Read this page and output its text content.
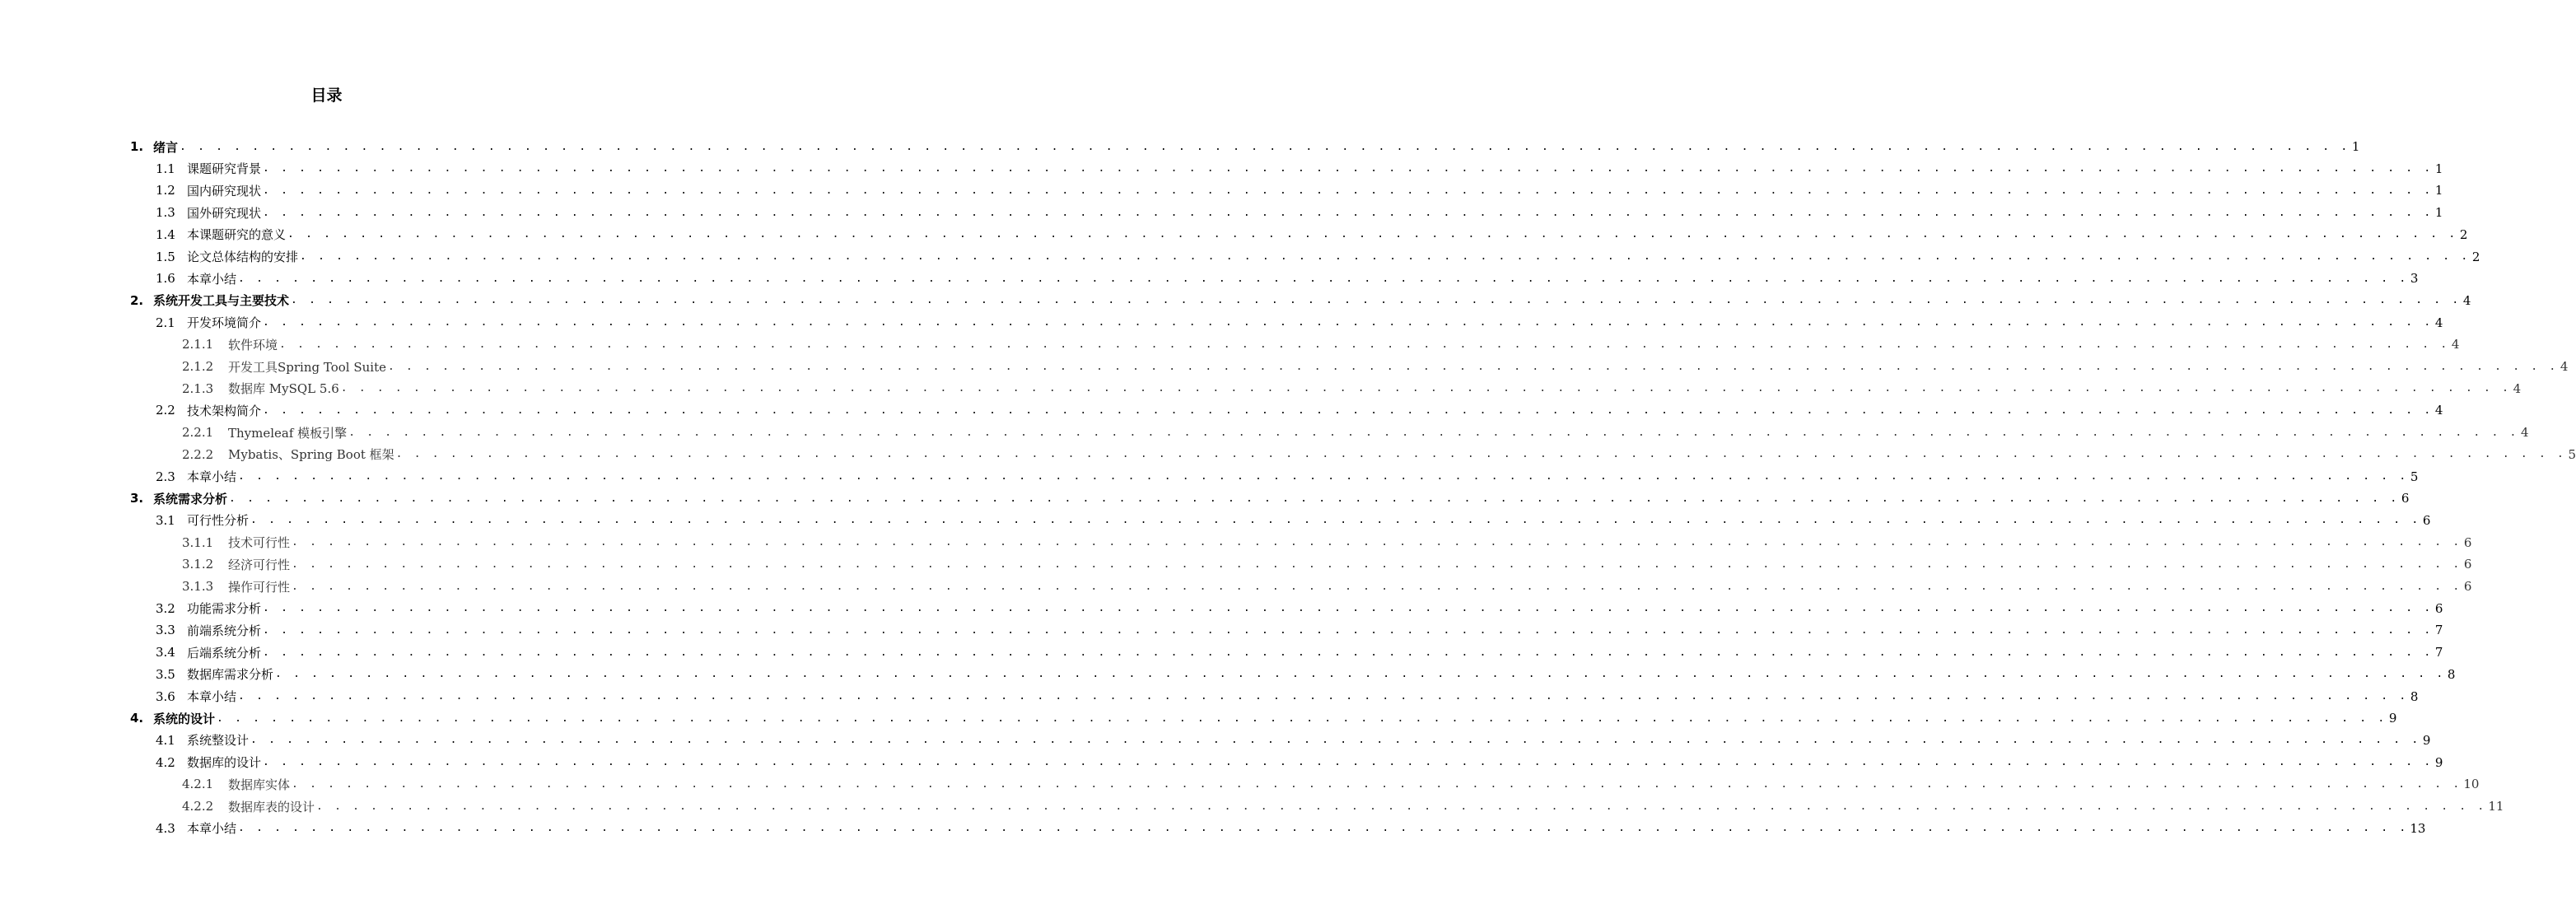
目录
1. 绪言 . . . . . . . . . . . . . . . . . . . . . . . . . . . . . . . . . . . . . . . . . . . . . . . . . . . . . . . . . . . . . . . . . . . . . . . . . . . . . . . . . . . . . . . . . . . . . . . . . . . . . . . . . . . . . . . . . . . . . . . . 1
1.1 课题研究背景 . . . . . . . . . . . . . . . . . . . . . . . . . . . . . . . . . . . . . . . . . . . . . . . . . . . . . . . . . . . . . . . . . . . . . . . . . . . . . . . . . . . . . . . . . . . . . . . . . . . . . . . . . . . . . . . . . . . . . . . . 1
1.2 国内研究现状 . . . . . . . . . . . . . . . . . . . . . . . . . . . . . . . . . . . . . . . . . . . . . . . . . . . . . . . . . . . . . . . . . . . . . . . . . . . . . . . . . . . . . . . . . . . . . . . . . . . . . . . . . . . . . . . . . . . . . . . . 1
1.3 国外研究现状 . . . . . . . . . . . . . . . . . . . . . . . . . . . . . . . . . . . . . . . . . . . . . . . . . . . . . . . . . . . . . . . . . . . . . . . . . . . . . . . . . . . . . . . . . . . . . . . . . . . . . . . . . . . . . . . . . . . . . . . . 1
1.4 本课题研究的意义 . . . . . . . . . . . . . . . . . . . . . . . . . . . . . . . . . . . . . . . . . . . . . . . . . . . . . . . . . . . . . . . . . . . . . . . . . . . . . . . . . . . . . . . . . . . . . . . . . . . . . . . . . . . . . . . . . . . . . . . . 2
1.5 论文总体结构的安排 . . . . . . . . . . . . . . . . . . . . . . . . . . . . . . . . . . . . . . . . . . . . . . . . . . . . . . . . . . . . . . . . . . . . . . . . . . . . . . . . . . . . . . . . . . . . . . . . . . . . . . . . . . . . . . . . . . . . . . . . 2
1.6 本章小结 . . . . . . . . . . . . . . . . . . . . . . . . . . . . . . . . . . . . . . . . . . . . . . . . . . . . . . . . . . . . . . . . . . . . . . . . . . . . . . . . . . . . . . . . . . . . . . . . . . . . . . . . . . . . . . . . . . . . . . . . 3
2. 系统开发工具与主要技术 . . . . . . . . . . . . . . . . . . . . . . . . . . . . . . . . . . . . . . . . . . . . . . . . . . . . . . . . . . . . . . . . . . . . . . . . . . . . . . . . . . . . . . . . . . . . . . . . . . . . . . . . . . . . . . . . . . . . . . . . 4
2.1 开发环境简介 . . . . . . . . . . . . . . . . . . . . . . . . . . . . . . . . . . . . . . . . . . . . . . . . . . . . . . . . . . . . . . . . . . . . . . . . . . . . . . . . . . . . . . . . . . . . . . . . . . . . . . . . . . . . . . . . . . . . . . . . 4
2.1.1	软件环境 . . . . . . . . . . . . . . . . . . . . . . . . . . . . . . . . . . . . . . . . . . . . . . . . . . . . . . . . . . . . . . . . . . . . . . . . . . . . . . . . . . . . . . . . . . . . . . . . . . . . . . . . . . . . . . . . . . . . . . . . 4
2.1.2	开发工具Spring Tool Suite . . . . . . . . . . . . . . . . . . . . . . . . . . . . . . . . . . . . . . . . . . . . . . . . . . . . . . . . . . . . . . . . . . . . . . . . . . . . . . . . . . . . . . . . . . . . . . . . . . . . . . . . . . . . . . . . . . . . . . . . 4
2.1.3	数据库 MySQL 5.6 . . . . . . . . . . . . . . . . . . . . . . . . . . . . . . . . . . . . . . . . . . . . . . . . . . . . . . . . . . . . . . . . . . . . . . . . . . . . . . . . . . . . . . . . . . . . . . . . . . . . . . . . . . . . . . . . . . . . . . . . 4
2.2 技术架构简介 . . . . . . . . . . . . . . . . . . . . . . . . . . . . . . . . . . . . . . . . . . . . . . . . . . . . . . . . . . . . . . . . . . . . . . . . . . . . . . . . . . . . . . . . . . . . . . . . . . . . . . . . . . . . . . . . . . . . . . . . 4
2.2.1	Thymeleaf 模板引擎 . . . . . . . . . . . . . . . . . . . . . . . . . . . . . . . . . . . . . . . . . . . . . . . . . . . . . . . . . . . . . . . . . . . . . . . . . . . . . . . . . . . . . . . . . . . . . . . . . . . . . . . . . . . . . . . . . . . . . . . . 4
2.2.2	Mybatis、Spring Boot 框架 . . . . . . . . . . . . . . . . . . . . . . . . . . . . . . . . . . . . . . . . . . . . . . . . . . . . . . . . . . . . . . . . . . . . . . . . . . . . . . . . . . . . . . . . . . . . . . . . . . . . . . . . . . . . . . . . . . . . . . . . 5
2.3 本章小结 . . . . . . . . . . . . . . . . . . . . . . . . . . . . . . . . . . . . . . . . . . . . . . . . . . . . . . . . . . . . . . . . . . . . . . . . . . . . . . . . . . . . . . . . . . . . . . . . . . . . . . . . . . . . . . . . . . . . . . . . 5
3. 系统需求分析 . . . . . . . . . . . . . . . . . . . . . . . . . . . . . . . . . . . . . . . . . . . . . . . . . . . . . . . . . . . . . . . . . . . . . . . . . . . . . . . . . . . . . . . . . . . . . . . . . . . . . . . . . . . . . . . . . . . . . . . . 6
3.1 可行性分析 . . . . . . . . . . . . . . . . . . . . . . . . . . . . . . . . . . . . . . . . . . . . . . . . . . . . . . . . . . . . . . . . . . . . . . . . . . . . . . . . . . . . . . . . . . . . . . . . . . . . . . . . . . . . . . . . . . . . . . . . 6
3.1.1	技术可行性 . . . . . . . . . . . . . . . . . . . . . . . . . . . . . . . . . . . . . . . . . . . . . . . . . . . . . . . . . . . . . . . . . . . . . . . . . . . . . . . . . . . . . . . . . . . . . . . . . . . . . . . . . . . . . . . . . . . . . . . . 6
3.1.2	经济可行性 . . . . . . . . . . . . . . . . . . . . . . . . . . . . . . . . . . . . . . . . . . . . . . . . . . . . . . . . . . . . . . . . . . . . . . . . . . . . . . . . . . . . . . . . . . . . . . . . . . . . . . . . . . . . . . . . . . . . . . . . 6
3.1.3	操作可行性 . . . . . . . . . . . . . . . . . . . . . . . . . . . . . . . . . . . . . . . . . . . . . . . . . . . . . . . . . . . . . . . . . . . . . . . . . . . . . . . . . . . . . . . . . . . . . . . . . . . . . . . . . . . . . . . . . . . . . . . . 6
3.2 功能需求分析 . . . . . . . . . . . . . . . . . . . . . . . . . . . . . . . . . . . . . . . . . . . . . . . . . . . . . . . . . . . . . . . . . . . . . . . . . . . . . . . . . . . . . . . . . . . . . . . . . . . . . . . . . . . . . . . . . . . . . . . . 6
3.3 前端系统分析 . . . . . . . . . . . . . . . . . . . . . . . . . . . . . . . . . . . . . . . . . . . . . . . . . . . . . . . . . . . . . . . . . . . . . . . . . . . . . . . . . . . . . . . . . . . . . . . . . . . . . . . . . . . . . . . . . . . . . . . . 7
3.4 后端系统分析 . . . . . . . . . . . . . . . . . . . . . . . . . . . . . . . . . . . . . . . . . . . . . . . . . . . . . . . . . . . . . . . . . . . . . . . . . . . . . . . . . . . . . . . . . . . . . . . . . . . . . . . . . . . . . . . . . . . . . . . . 7
3.5 数据库需求分析 . . . . . . . . . . . . . . . . . . . . . . . . . . . . . . . . . . . . . . . . . . . . . . . . . . . . . . . . . . . . . . . . . . . . . . . . . . . . . . . . . . . . . . . . . . . . . . . . . . . . . . . . . . . . . . . . . . . . . . . . 8
3.6 本章小结 . . . . . . . . . . . . . . . . . . . . . . . . . . . . . . . . . . . . . . . . . . . . . . . . . . . . . . . . . . . . . . . . . . . . . . . . . . . . . . . . . . . . . . . . . . . . . . . . . . . . . . . . . . . . . . . . . . . . . . . . 8
4. 系统的设计 . . . . . . . . . . . . . . . . . . . . . . . . . . . . . . . . . . . . . . . . . . . . . . . . . . . . . . . . . . . . . . . . . . . . . . . . . . . . . . . . . . . . . . . . . . . . . . . . . . . . . . . . . . . . . . . . . . . . . . . . 9
4.1 系统整设计 . . . . . . . . . . . . . . . . . . . . . . . . . . . . . . . . . . . . . . . . . . . . . . . . . . . . . . . . . . . . . . . . . . . . . . . . . . . . . . . . . . . . . . . . . . . . . . . . . . . . . . . . . . . . . . . . . . . . . . . . 9
4.2 数据库的设计 . . . . . . . . . . . . . . . . . . . . . . . . . . . . . . . . . . . . . . . . . . . . . . . . . . . . . . . . . . . . . . . . . . . . . . . . . . . . . . . . . . . . . . . . . . . . . . . . . . . . . . . . . . . . . . . . . . . . . . . . 9
4.2.1	数据库实体 . . . . . . . . . . . . . . . . . . . . . . . . . . . . . . . . . . . . . . . . . . . . . . . . . . . . . . . . . . . . . . . . . . . . . . . . . . . . . . . . . . . . . . . . . . . . . . . . . . . . . . . . . . . . . . . . . . . . . . . . 10
4.2.2	数据库表的设计 . . . . . . . . . . . . . . . . . . . . . . . . . . . . . . . . . . . . . . . . . . . . . . . . . . . . . . . . . . . . . . . . . . . . . . . . . . . . . . . . . . . . . . . . . . . . . . . . . . . . . . . . . . . . . . . . . . . . . . . . 11
4.3 本章小结 . . . . . . . . . . . . . . . . . . . . . . . . . . . . . . . . . . . . . . . . . . . . . . . . . . . . . . . . . . . . . . . . . . . . . . . . . . . . . . . . . . . . . . . . . . . . . . . . . . . . . . . . . . . . . . . . . . . . . . . . 13
